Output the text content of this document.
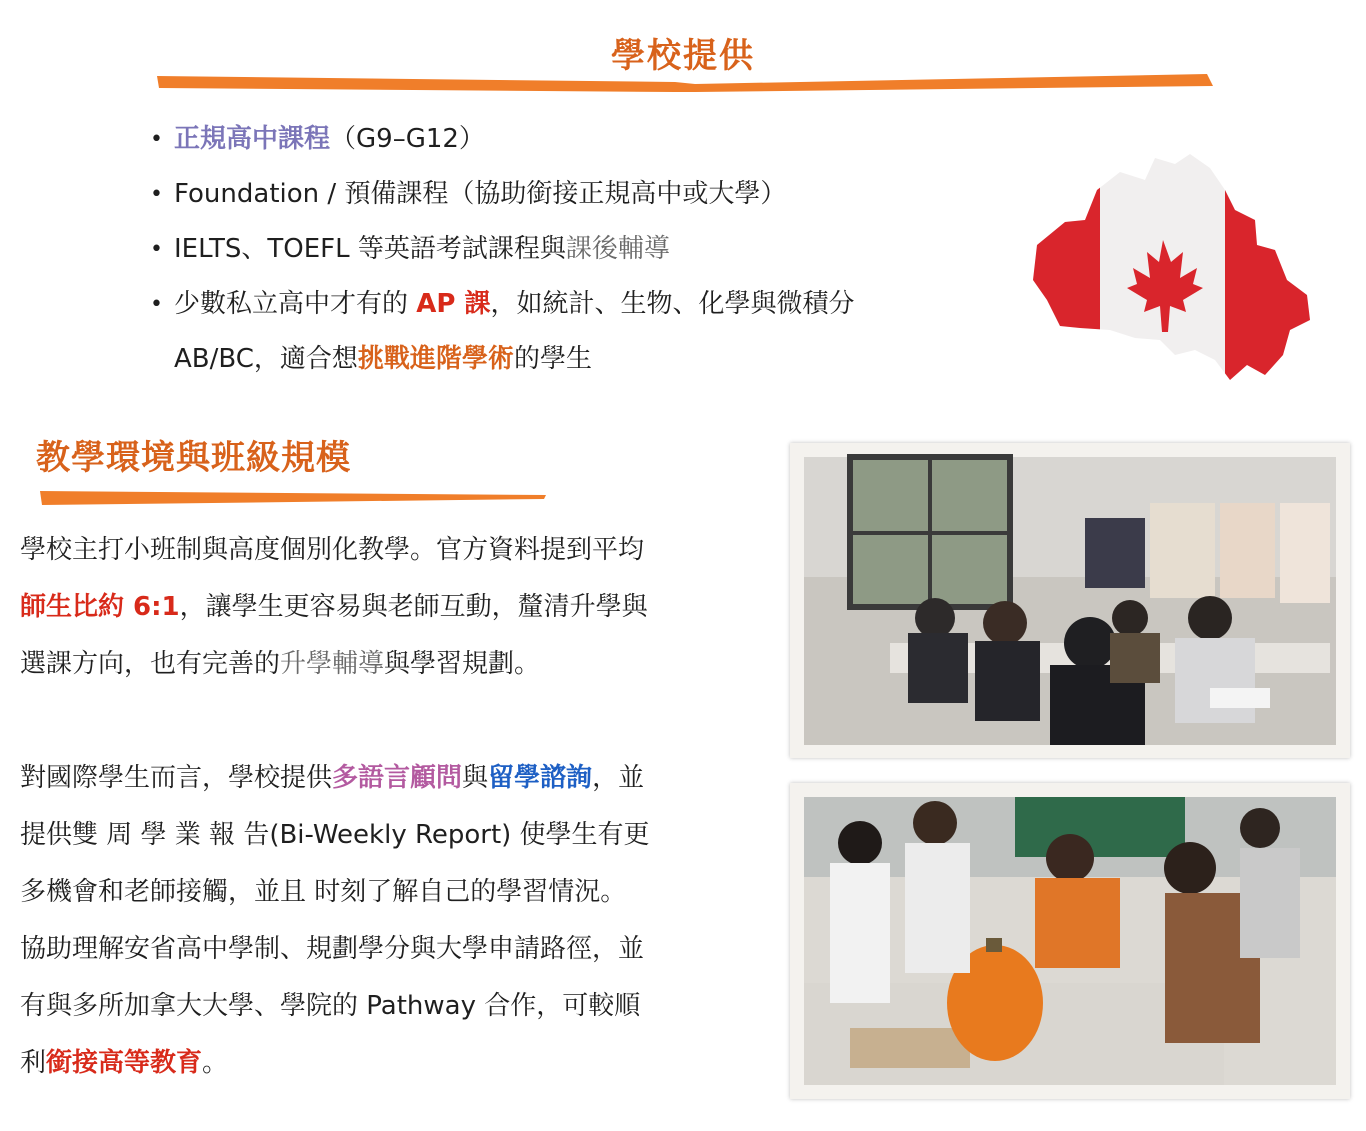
學校提供
• 正規高中課程（G9–G12）
• Foundation / 預備課程（協助銜接正規高中或大學）
• IELTS、TOEFL 等英語考試課程與課後輔導
• 少數私立高中才有的 AP 課，如統計、生物、化學與微積分
AB/BC，適合想挑戰進階學術的學生
教學環境與班級規模

學校主打小班制與高度個別化教學。官方資料提到平均
師生比約 6:1，讓學生更容易與老師互動，釐清升學與
選課方向，也有完善的升學輔導與學習規劃。

對國際學生而言，學校提供多語言顧問與留學諮詢，並
提供雙 周 學 業 報 告(Bi-Weekly Report) 使學生有更
多機會和老師接觸，並且 时刻了解自己的學習情況。
協助理解安省高中學制、規劃學分與大學申請路徑，並
有與多所加拿大大學、學院的 Pathway 合作，可較順
利銜接高等教育。
